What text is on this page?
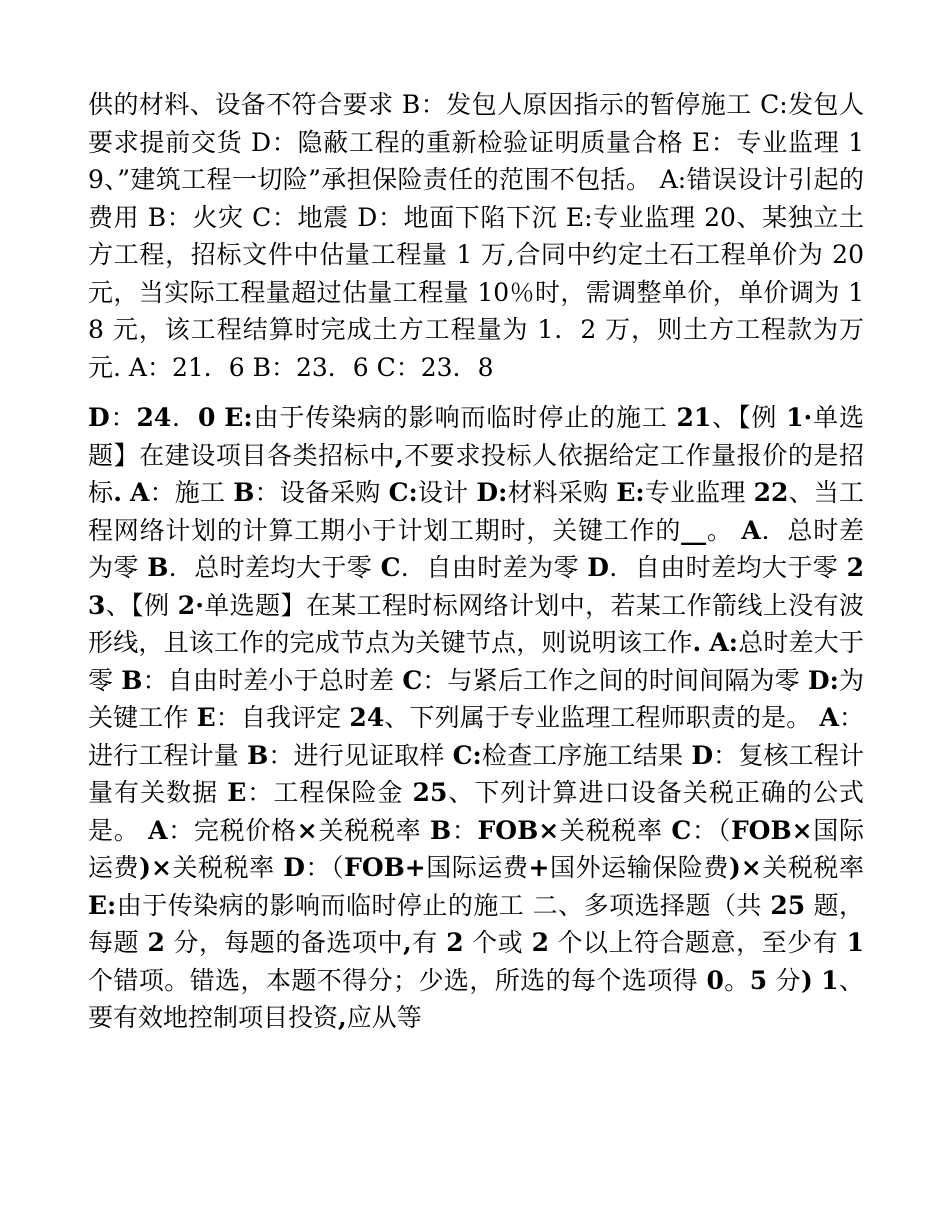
供的材料、设备不符合要求 B：发包人原因指示的暂停施工 C:发包人要求提前交货 D：隐蔽工程的重新检验证明质量合格 E：专业监理 19、”建筑工程一切险”承担保险责任的范围不包括。 A:错误设计引起的费用 B：火灾 C：地震 D：地面下陷下沉 E:专业监理 20、某独立土方工程，招标文件中估量工程量 1 万,合同中约定土石工程单价为 20 元，当实际工程量超过估量工程量 10％时，需调整单价，单价调为 18 元，该工程结算时完成土方工程量为 1．2 万，则土方工程款为万元. A：21．6 B：23．6 C：23．8

D：24．0 E:由于传染病的影响而临时停止的施工 21、【例 1·单选题】在建设项目各类招标中,不要求投标人依据给定工作量报价的是招标. A：施工 B：设备采购 C:设计 D:材料采购 E:专业监理 22、当工程网络计划的计算工期小于计划工期时，关键工作的__。 A．总时差为零 B．总时差均大于零 C．自由时差为零 D．自由时差均大于零 23、【例 2·单选题】在某工程时标网络计划中，若某工作箭线上没有波形线，且该工作的完成节点为关键节点，则说明该工作. A:总时差大于零 B：自由时差小于总时差 C：与紧后工作之间的时间间隔为零 D:为关键工作 E：自我评定 24、下列属于专业监理工程师职责的是。 A：进行工程计量 B：进行见证取样 C:检查工序施工结果 D：复核工程计量有关数据 E：工程保险金 25、下列计算进口设备关税正确的公式是。 A：完税价格×关税税率 B：FOB×关税税率 C：（FOB×国际运费)×关税税率 D：（FOB+国际运费+国外运输保险费)×关税税率 E:由于传染病的影响而临时停止的施工 二、多项选择题（共 25 题，每题 2 分，每题的备选项中,有 2 个或 2 个以上符合题意，至少有 1 个错项。错选，本题不得分；少选，所选的每个选项得 0。5 分) 1、要有效地控制项目投资,应从等
